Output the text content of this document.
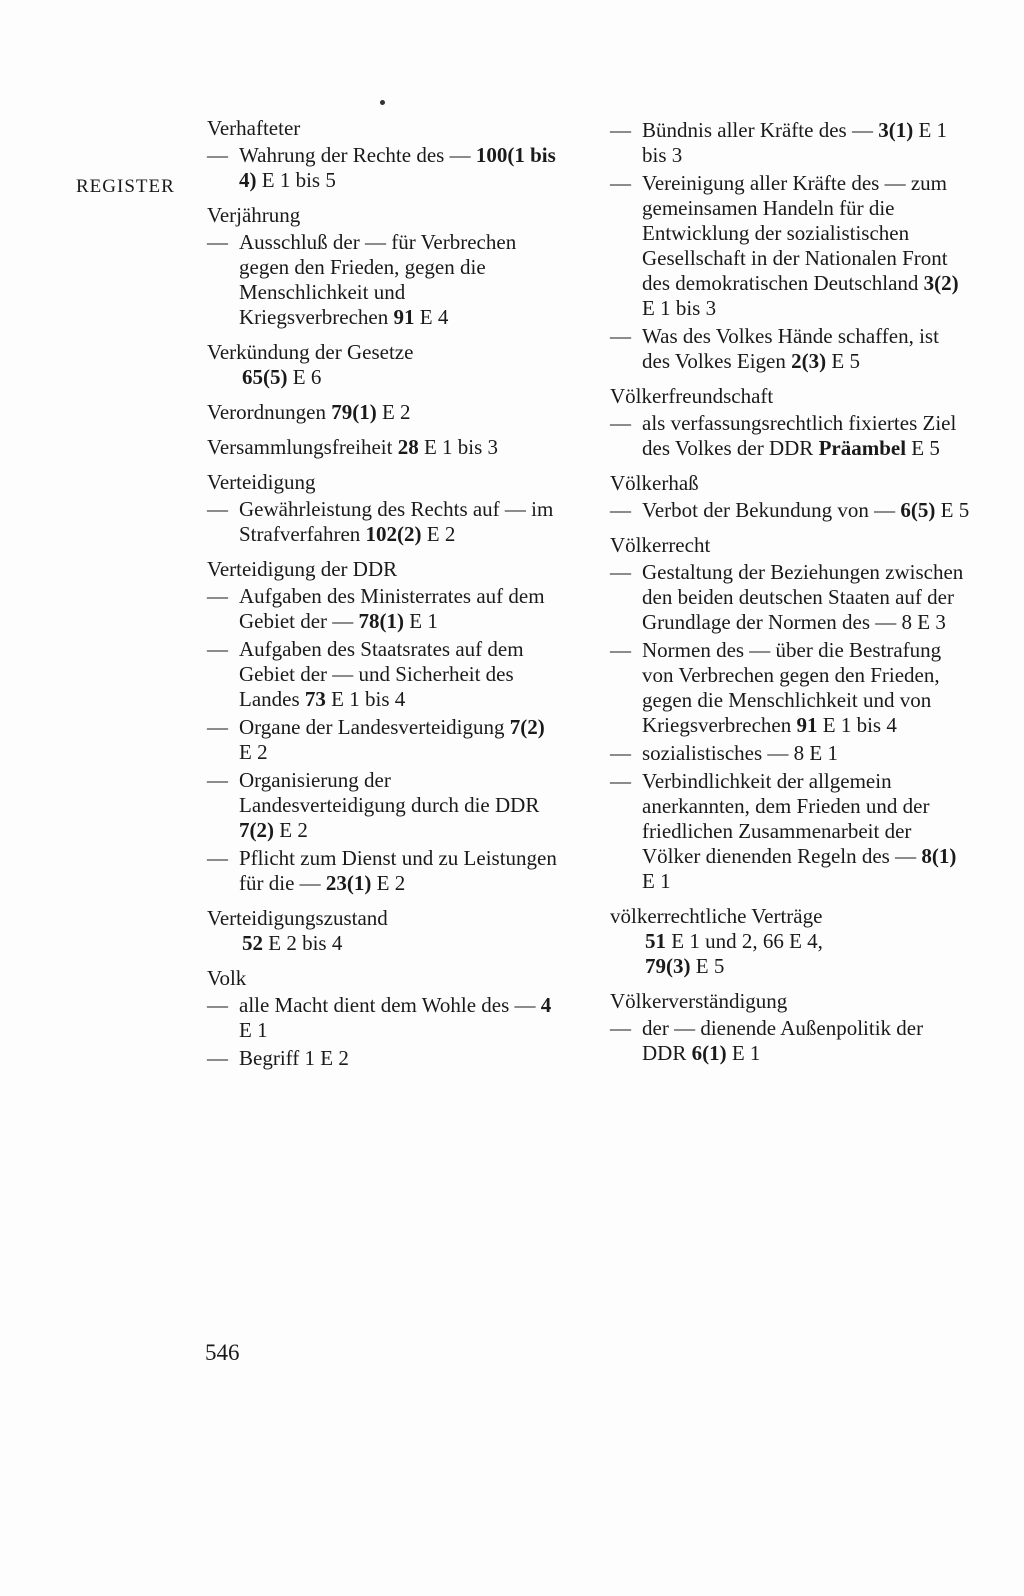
REGISTER
Verhafteter
— Wahrung der Rechte des — 100(1 bis 4) E 1 bis 5
Verjährung
— Ausschluß der — für Verbrechen gegen den Frieden, gegen die Menschlichkeit und Kriegsverbrechen 91 E 4
Verkündung der Gesetze
65(5) E 6
Verordnungen 79(1) E 2
Versammlungsfreiheit 28 E 1 bis 3
Verteidigung
— Gewährleistung des Rechts auf — im Strafverfahren 102(2) E 2
Verteidigung der DDR
— Aufgaben des Ministerrates auf dem Gebiet der — 78(1) E 1
— Aufgaben des Staatsrates auf dem Gebiet der — und Sicherheit des Landes 73 E 1 bis 4
— Organe der Landesverteidigung 7(2) E 2
— Organisierung der Landesverteidigung durch die DDR 7(2) E 2
— Pflicht zum Dienst und zu Leistungen für die — 23(1) E 2
Verteidigungszustand
52 E 2 bis 4
Volk
— alle Macht dient dem Wohle des — 4 E 1
— Begriff 1 E 2
— Bündnis aller Kräfte des — 3(1) E 1 bis 3
— Vereinigung aller Kräfte des — zum gemeinsamen Handeln für die Entwicklung der sozialistischen Gesellschaft in der Nationalen Front des demokratischen Deutschland 3(2) E 1 bis 3
— Was des Volkes Hände schaffen, ist des Volkes Eigen 2(3) E 5
Völkerfreundschaft
— als verfassungsrechtlich fixiertes Ziel des Volkes der DDR Präambel E 5
Völkerhaß
— Verbot der Bekundung von — 6(5) E 5
Völkerrecht
— Gestaltung der Beziehungen zwischen den beiden deutschen Staaten auf der Grundlage der Normen des — 8 E 3
— Normen des — über die Bestrafung von Verbrechen gegen den Frieden, gegen die Menschlichkeit und von Kriegsverbrechen 91 E 1 bis 4
— sozialistisches — 8 E 1
— Verbindlichkeit der allgemein anerkannten, dem Frieden und der friedlichen Zusammenarbeit der Völker dienenden Regeln des — 8(1) E 1
völkerrechtliche Verträge
51 E 1 und 2, 66 E 4,
79(3) E 5
Völkerverständigung
— der — dienende Außenpolitik der DDR 6(1) E 1
546
